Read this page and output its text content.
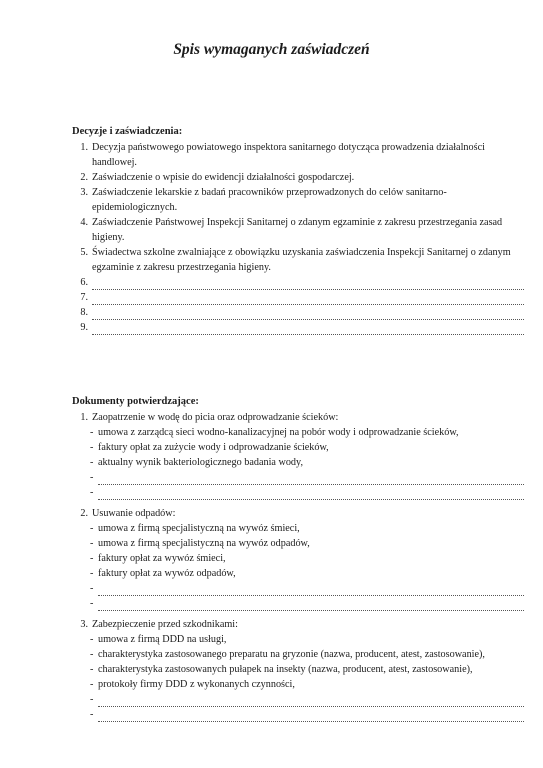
Spis wymaganych zaświadczeń
Decyzje i zaświadczenia:
1. Decyzja państwowego powiatowego inspektora sanitarnego dotycząca prowadzenia działalności handlowej.
2. Zaświadczenie o wpisie do ewidencji działalności gospodarczej.
3. Zaświadczenie lekarskie z badań pracowników przeprowadzonych do celów sanitarno-epidemiologicznych.
4. Zaświadczenie Państwowej Inspekcji Sanitarnej o zdanym egzaminie z zakresu przestrzegania zasad higieny.
5. Świadectwa szkolne zwalniające z obowiązku uzyskania zaświadczenia Inspekcji Sanitarnej o zdanym egzaminie z zakresu przestrzegania higieny.
6.
7.
8.
9.
Dokumenty potwierdzające:
1. Zaopatrzenie w wodę do picia oraz odprowadzanie ścieków:
- umowa z zarządcą sieci wodno-kanalizacyjnej na pobór wody i odprowadzanie ścieków,
- faktury opłat za zużycie wody i odprowadzanie ścieków,
- aktualny wynik bakteriologicznego badania wody,
-
-
2. Usuwanie odpadów:
- umowa z firmą specjalistyczną na wywóz śmieci,
- umowa z firmą specjalistyczną na wywóz odpadów,
- faktury opłat za wywóz śmieci,
- faktury opłat za wywóz odpadów,
-
-
3. Zabezpieczenie przed szkodnikami:
- umowa z firmą DDD na usługi,
- charakterystyka zastosowanego preparatu na gryzonie (nazwa, producent, atest, zastosowanie),
- charakterystyka zastosowanych pułapek na insekty (nazwa, producent, atest, zastosowanie),
- protokoły firmy DDD z wykonanych czynności,
-
-
